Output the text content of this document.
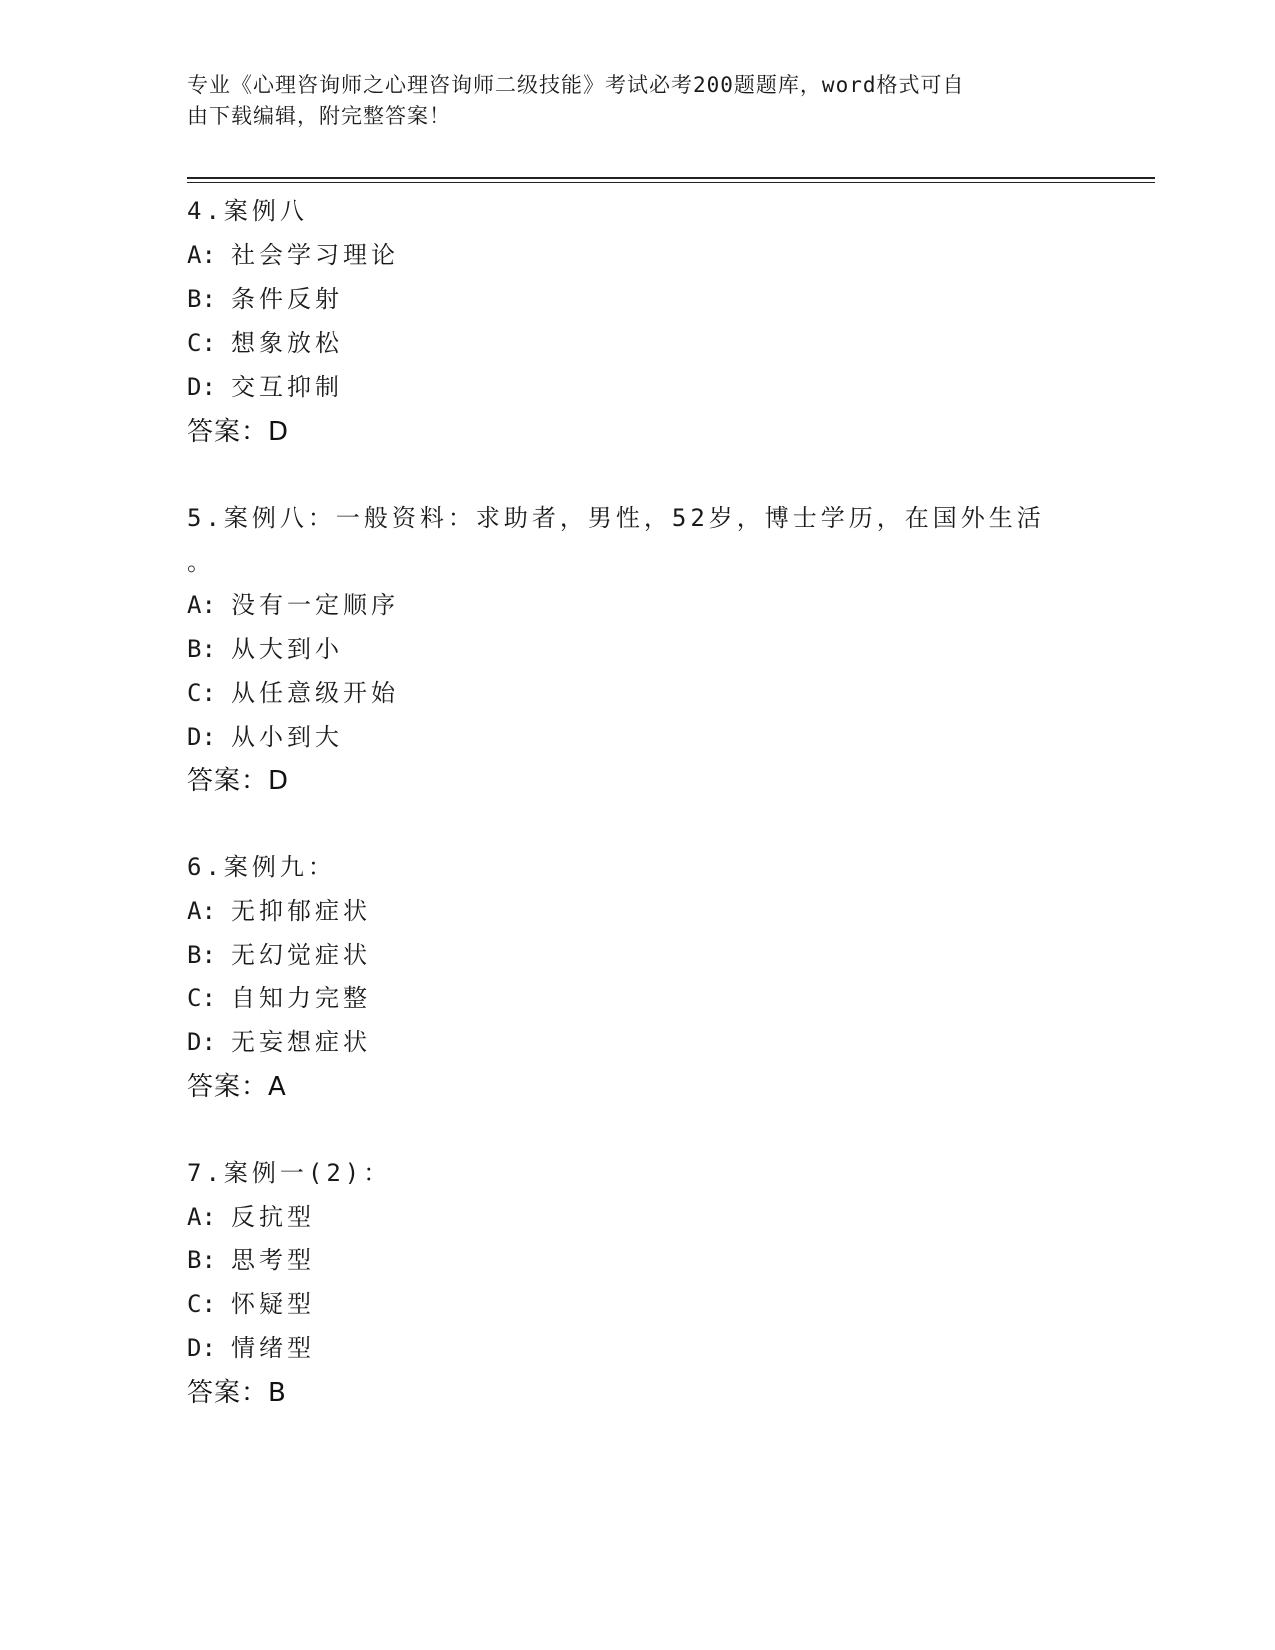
专业《心理咨询师之心理咨询师二级技能》考试必考200题题库，word格式可自
由下载编辑，附完整答案！
4.案例八
A: 社会学习理论
B: 条件反射
C: 想象放松
D: 交互抑制
答案：D
5.案例八：一般资料：求助者，男性，52岁，博士学历，在国外生活
。
A: 没有一定顺序
B: 从大到小
C: 从任意级开始
D: 从小到大
答案：D
6.案例九：
A: 无抑郁症状
B: 无幻觉症状
C: 自知力完整
D: 无妄想症状
答案：A
7.案例一(2)：
A: 反抗型
B: 思考型
C: 怀疑型
D: 情绪型
答案：B
